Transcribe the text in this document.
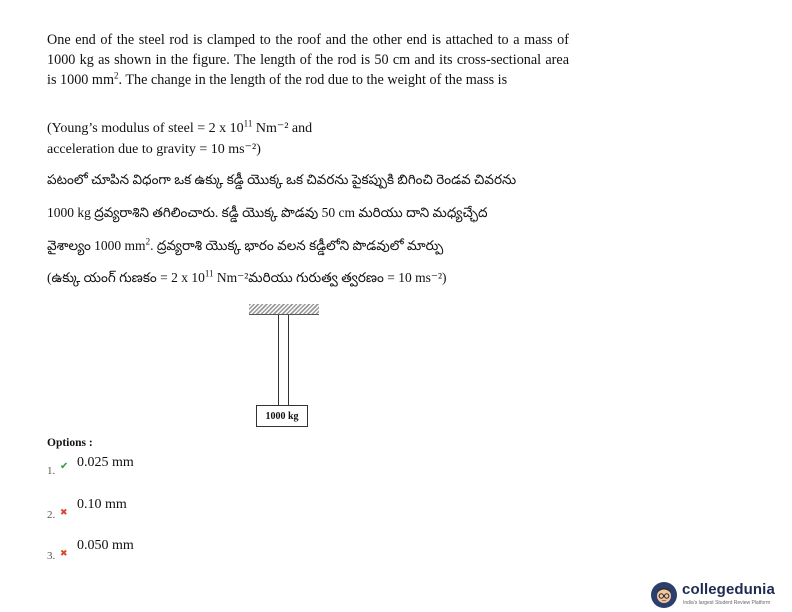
One end of the steel rod is clamped to the roof and the other end is attached to a mass of 1000 kg as shown in the figure. The length of the rod is 50 cm and its cross-sectional area is 1000 $mm^2$. The change in the length of the rod due to the weight of the mass is

(Young’s modulus of steel = 2 x $10^{11}$ Nm⁻² and
acceleration due to gravity = 10 ms⁻²)
పటంలో చూపిన విధంగా ఒక ఉక్కు కడ్డీ యొక్క ఒక చివరను పైకప్పుకి బిగించి రెండవ చివరను
1000 kg ద్రవ్యరాశిని తగిలించారు. కడ్డీ యొక్క పొడవు 50 cm మరియు దాని మధ్యచ్ఛేద
వైశాల్యం 1000 $mm^2$. ద్రవ్యరాశి యొక్క భారం వలన కడ్డీలోని పొడవులో మార్పు
(ఉక్కు యంగ్ గుణకం = 2 x $10^{11}$ Nm⁻²మరియు గురుత్వ త్వరణం = 10 ms⁻²)
1000 kg
Options :
1. ✔ 0.025 mm
2. ✖ 0.10 mm
3. ✖ 0.050 mm
collegedunia
India's largest Student Review Platform
